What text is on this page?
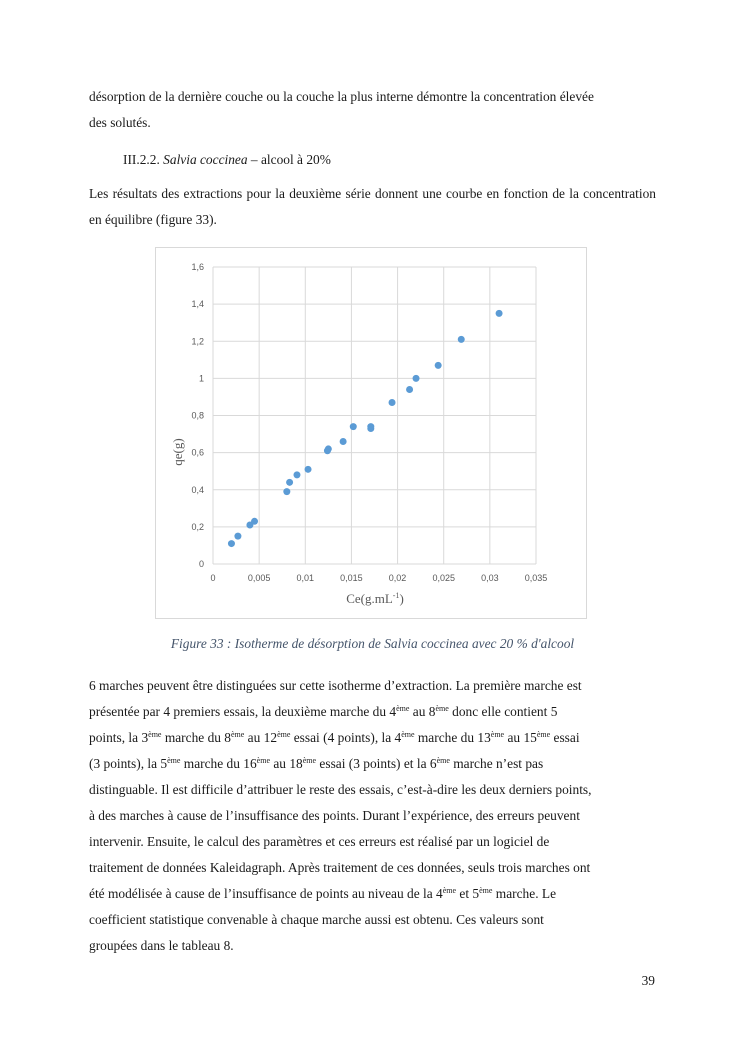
désorption de la dernière couche ou la couche la plus interne démontre la concentration élevée
des solutés.

III.2.2. Salvia coccinea – alcool à 20%

Les résultats des extractions pour la deuxième série donnent une courbe en fonction de la concentration en équilibre (figure 33).

0
0,2
0,4
0,6
0,8
1
1,2
1,4
1,6
0	0,005	0,01	0,015	0,02	0,025	0,03	0,035
qe(g)
$Ce(g.mL^{-1})$

Figure 33 : Isotherme de désorption de Salvia coccinea avec 20 % d'alcool

6 marches peuvent être distinguées sur cette isotherme d’extraction. La première marche est
présentée par 4 premiers essais, la deuxième marche du 4ème au 8ème donc elle contient 5
points, la 3ème marche du 8ème au 12ème essai (4 points), la 4ème marche du 13ème au 15ème essai
(3 points), la 5ème marche du 16ème au 18ème essai (3 points) et la 6ème marche n’est pas
distinguable. Il est difficile d’attribuer le reste des essais, c’est-à-dire les deux derniers points,
à des marches à cause de l’insuffisance des points. Durant l’expérience, des erreurs peuvent
intervenir. Ensuite, le calcul des paramètres et ces erreurs est réalisé par un logiciel de
traitement de données Kaleidagraph. Après traitement de ces données, seuls trois marches ont
été modélisée à cause de l’insuffisance de points au niveau de la 4ème et 5ème marche. Le
coefficient statistique convenable à chaque marche aussi est obtenu. Ces valeurs sont
groupées dans le tableau 8.

39
